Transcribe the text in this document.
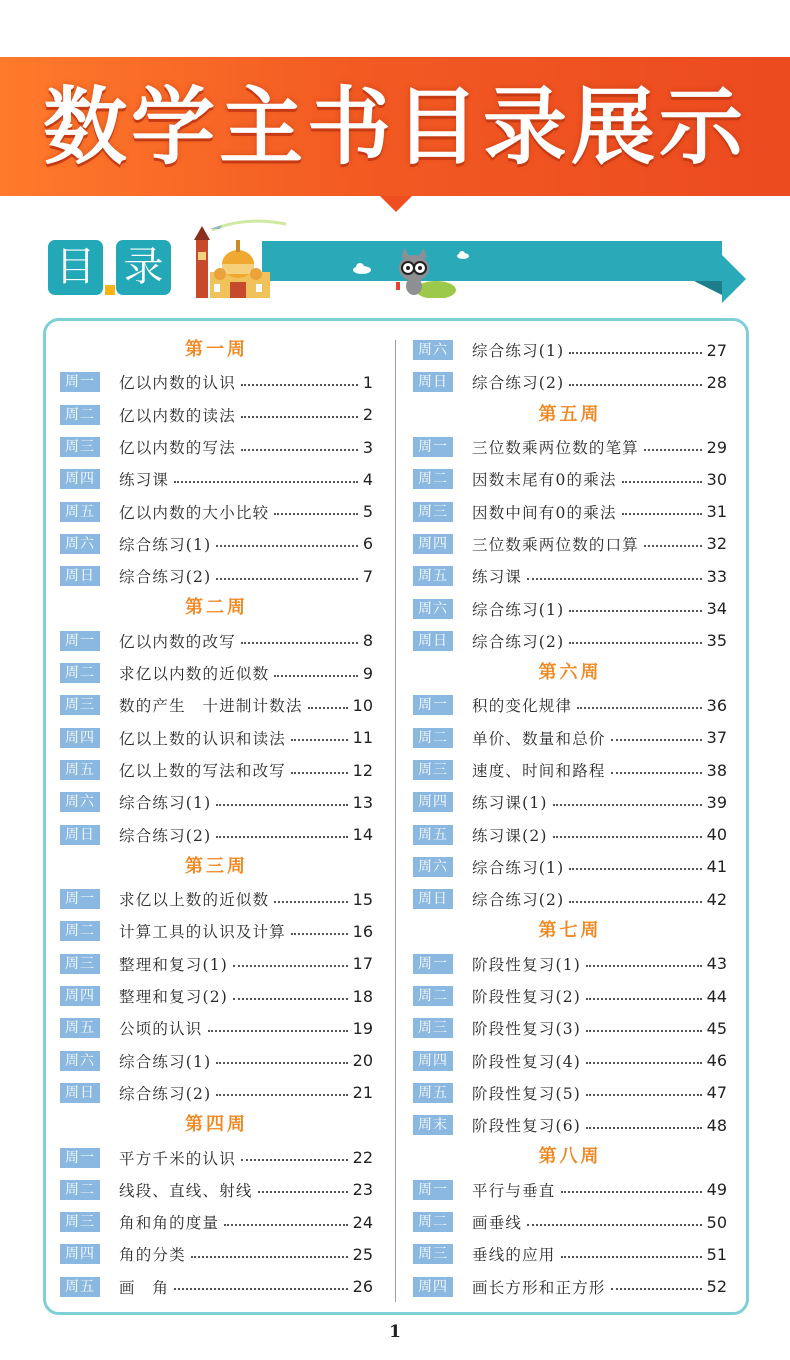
数学主书目录展示
目 录
第一周
周一	亿以内数的认识	1
周二	亿以内数的读法	2
周三	亿以内数的写法	3
周四	练习课	4
周五	亿以内数的大小比较	5
周六	综合练习(1)	6
周日	综合练习(2)	7
第二周
周一	亿以内数的改写	8
周二	求亿以内数的近似数	9
周三	数的产生　十进制计数法	10
周四	亿以上数的认识和读法	11
周五	亿以上数的写法和改写	12
周六	综合练习(1)	13
周日	综合练习(2)	14
第三周
周一	求亿以上数的近似数	15
周二	计算工具的认识及计算	16
周三	整理和复习(1)	17
周四	整理和复习(2)	18
周五	公顷的认识	19
周六	综合练习(1)	20
周日	综合练习(2)	21
第四周
周一	平方千米的认识	22
周二	线段、直线、射线	23
周三	角和角的度量	24
周四	角的分类	25
周五	画　角	26
周六	综合练习(1)	27
周日	综合练习(2)	28
第五周
周一	三位数乘两位数的笔算	29
周二	因数末尾有0的乘法	30
周三	因数中间有0的乘法	31
周四	三位数乘两位数的口算	32
周五	练习课	33
周六	综合练习(1)	34
周日	综合练习(2)	35
第六周
周一	积的变化规律	36
周二	单价、数量和总价	37
周三	速度、时间和路程	38
周四	练习课(1)	39
周五	练习课(2)	40
周六	综合练习(1)	41
周日	综合练习(2)	42
第七周
周一	阶段性复习(1)	43
周二	阶段性复习(2)	44
周三	阶段性复习(3)	45
周四	阶段性复习(4)	46
周五	阶段性复习(5)	47
周末	阶段性复习(6)	48
第八周
周一	平行与垂直	49
周二	画垂线	50
周三	垂线的应用	51
周四	画长方形和正方形	52
1
